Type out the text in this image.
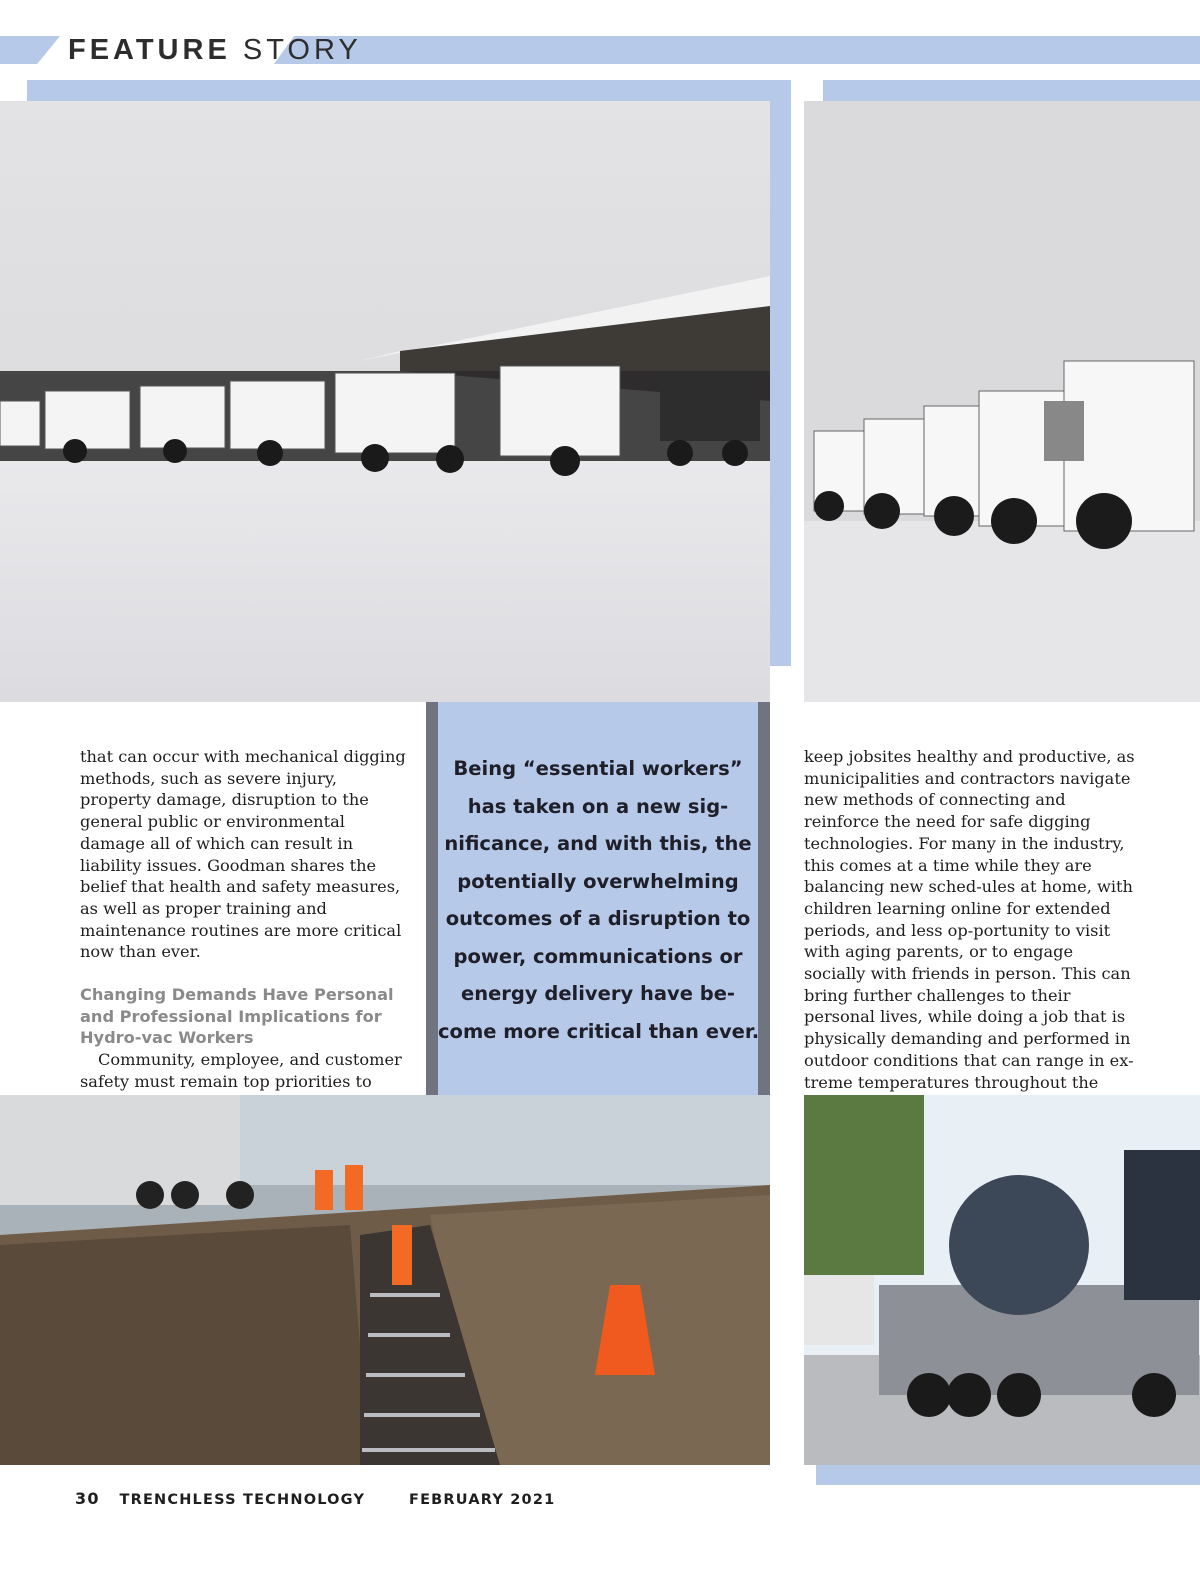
FEATURE STORY

that can occur with mechanical digging methods, such as severe injury, property damage, disruption to the general public or environmental damage all of which can result in liability issues. Goodman shares the belief that health and safety measures, as well as proper training and maintenance routines are more critical now than ever.

Changing Demands Have Personal and Professional Implications for Hydro-vac Workers

Community, employee, and customer safety must remain top priorities to

Being “essential workers”
has taken on a new sig-
nificance, and with this, the
potentially overwhelming
outcomes of a disruption to
power, communications or
energy delivery have be-
come more critical than ever.

keep jobsites healthy and productive, as municipalities and contractors navigate new methods of connecting and reinforce the need for safe digging technologies. For many in the industry, this comes at a time while they are balancing new sched-ules at home, with children learning online for extended periods, and less op-portunity to visit with aging parents, or to engage socially with friends in person. This can bring further challenges to their personal lives, while doing a job that is physically demanding and performed in outdoor conditions that can range in ex-treme temperatures throughout the

30 TRENCHLESS TECHNOLOGY	FEBRUARY 2021
